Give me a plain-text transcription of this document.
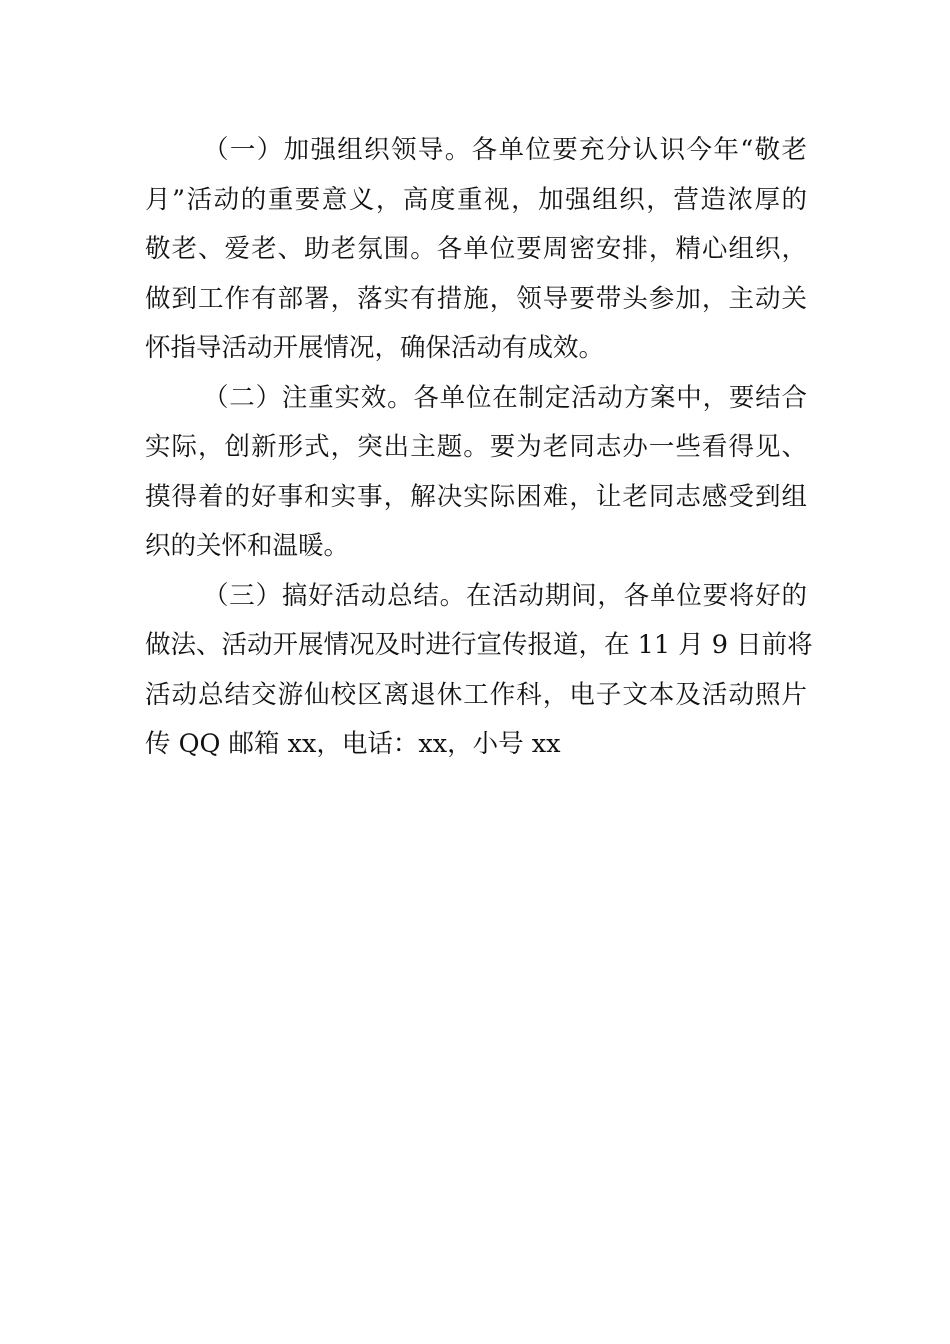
（一）加强组织领导。各单位要充分认识今年“敬老
月”活动的重要意义，高度重视，加强组织，营造浓厚的
敬老、爱老、助老氛围。各单位要周密安排，精心组织，
做到工作有部署，落实有措施，领导要带头参加，主动关
怀指导活动开展情况，确保活动有成效。

（二）注重实效。各单位在制定活动方案中，要结合
实际，创新形式，突出主题。要为老同志办一些看得见、
摸得着的好事和实事，解决实际困难，让老同志感受到组
织的关怀和温暖。

（三）搞好活动总结。在活动期间，各单位要将好的
做法、活动开展情况及时进行宣传报道，在 11 月 9 日前将
活动总结交游仙校区离退休工作科，电子文本及活动照片
传 QQ 邮箱 xx，电话：xx，小号 xx
